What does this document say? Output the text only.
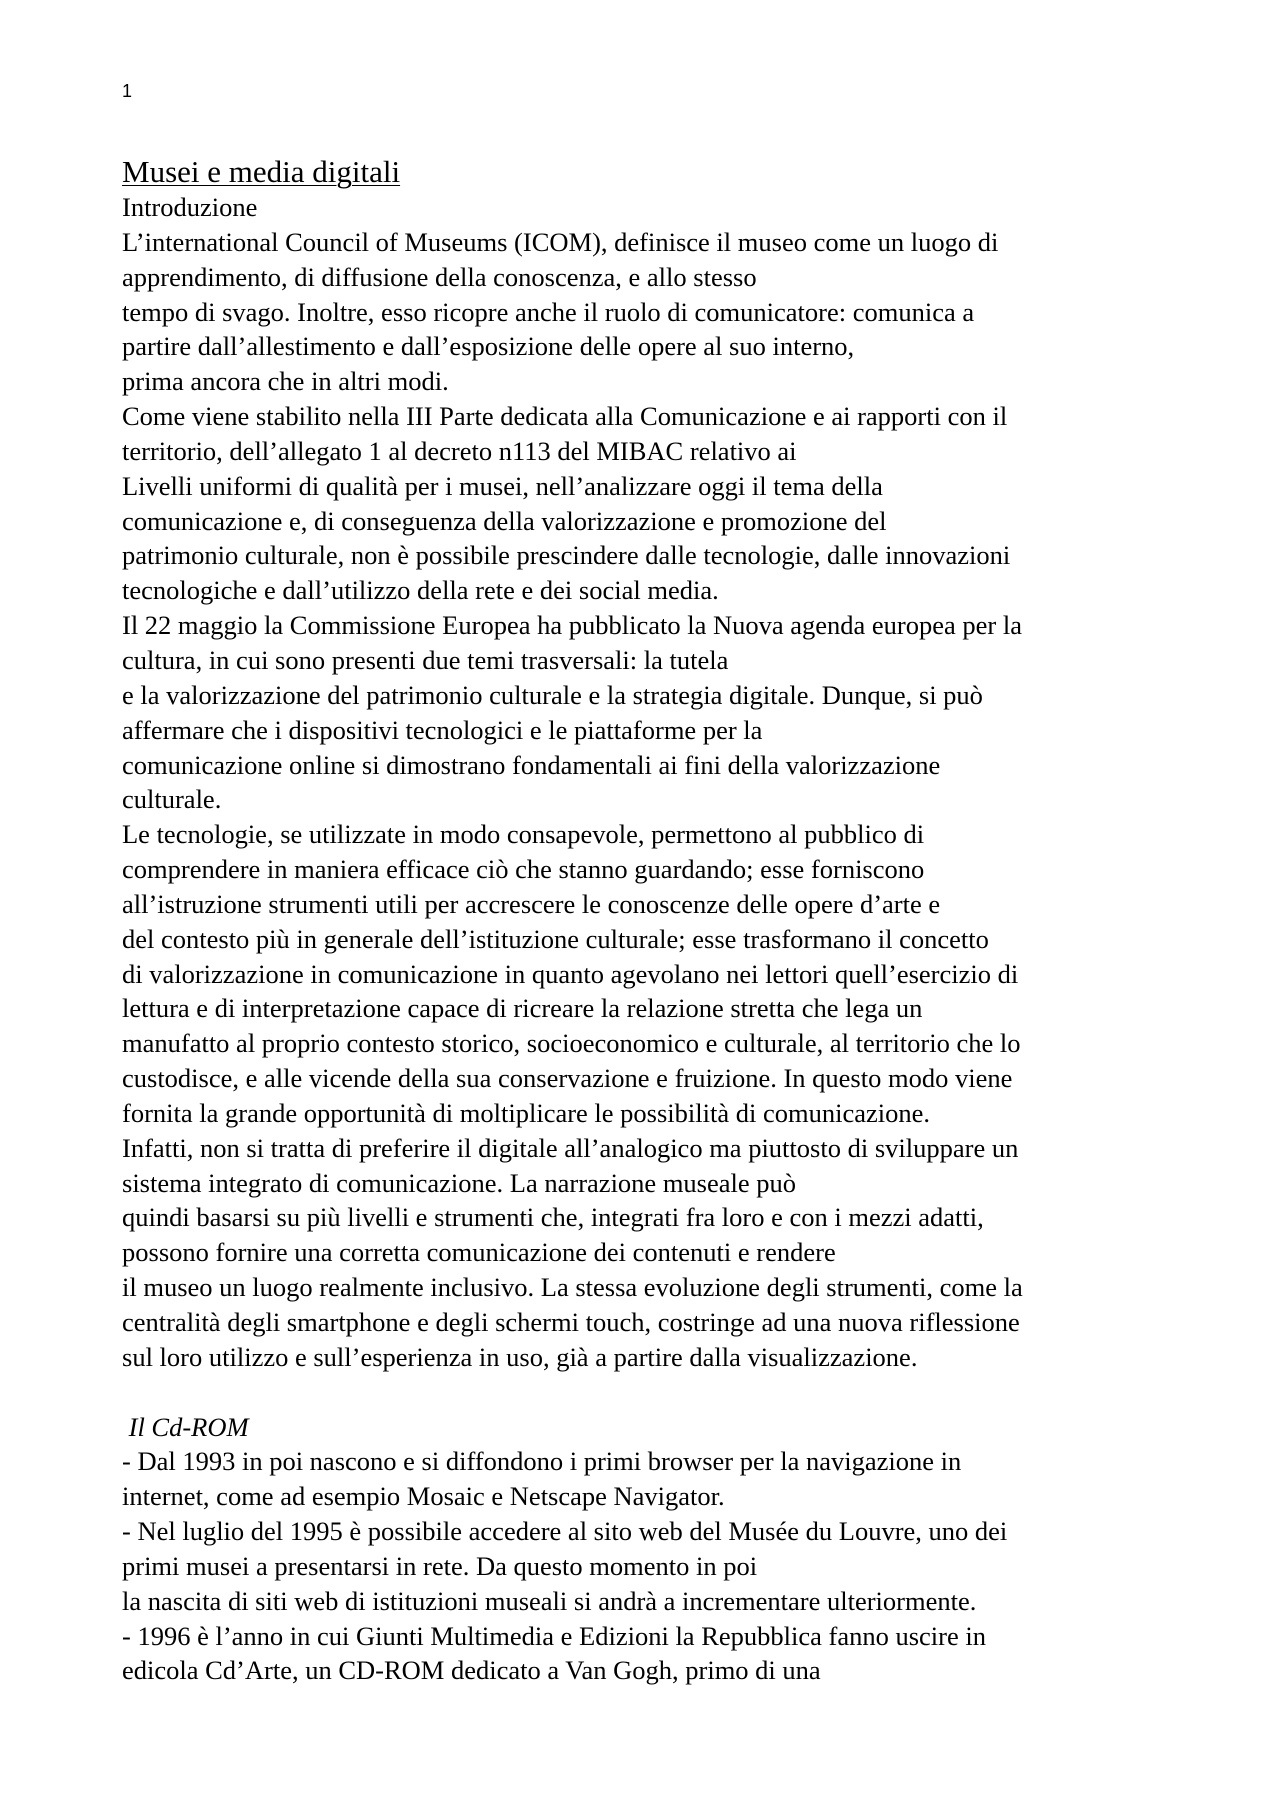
1
Musei e media digitali
Introduzione
L’international Council of Museums (ICOM), definisce il museo come un luogo di
apprendimento, di diffusione della conoscenza, e allo stesso
tempo di svago. Inoltre, esso ricopre anche il ruolo di comunicatore: comunica a
partire dall’allestimento e dall’esposizione delle opere al suo interno,
prima ancora che in altri modi.
Come viene stabilito nella III Parte dedicata alla Comunicazione e ai rapporti con il
territorio, dell’allegato 1 al decreto n113 del MIBAC relativo ai
Livelli uniformi di qualità per i musei, nell’analizzare oggi il tema della
comunicazione e, di conseguenza della valorizzazione e promozione del
patrimonio culturale, non è possibile prescindere dalle tecnologie, dalle innovazioni
tecnologiche e dall’utilizzo della rete e dei social media.
Il 22 maggio la Commissione Europea ha pubblicato la Nuova agenda europea per la
cultura, in cui sono presenti due temi trasversali: la tutela
e la valorizzazione del patrimonio culturale e la strategia digitale. Dunque, si può
affermare che i dispositivi tecnologici e le piattaforme per la
comunicazione online si dimostrano fondamentali ai fini della valorizzazione
culturale.
Le tecnologie, se utilizzate in modo consapevole, permettono al pubblico di
comprendere in maniera efficace ciò che stanno guardando; esse forniscono
all’istruzione strumenti utili per accrescere le conoscenze delle opere d’arte e
del contesto più in generale dell’istituzione culturale; esse trasformano il concetto
di valorizzazione in comunicazione in quanto agevolano nei lettori quell’esercizio di
lettura e di interpretazione capace di ricreare la relazione stretta che lega un
manufatto al proprio contesto storico, socioeconomico e culturale, al territorio che lo
custodisce, e alle vicende della sua conservazione e fruizione. In questo modo viene
fornita la grande opportunità di moltiplicare le possibilità di comunicazione.
Infatti, non si tratta di preferire il digitale all’analogico ma piuttosto di sviluppare un
sistema integrato di comunicazione. La narrazione museale può
quindi basarsi su più livelli e strumenti che, integrati fra loro e con i mezzi adatti,
possono fornire una corretta comunicazione dei contenuti e rendere
il museo un luogo realmente inclusivo. La stessa evoluzione degli strumenti, come la
centralità degli smartphone e degli schermi touch, costringe ad una nuova riflessione
sul loro utilizzo e sull’esperienza in uso, già a partire dalla visualizzazione.
Il Cd-ROM
- Dal 1993 in poi nascono e si diffondono i primi browser per la navigazione in
internet, come ad esempio Mosaic e Netscape Navigator.
- Nel luglio del 1995 è possibile accedere al sito web del Musée du Louvre, uno dei
primi musei a presentarsi in rete. Da questo momento in poi
la nascita di siti web di istituzioni museali si andrà a incrementare ulteriormente.
- 1996 è l’anno in cui Giunti Multimedia e Edizioni la Repubblica fanno uscire in
edicola Cd’Arte, un CD-ROM dedicato a Van Gogh, primo di una
